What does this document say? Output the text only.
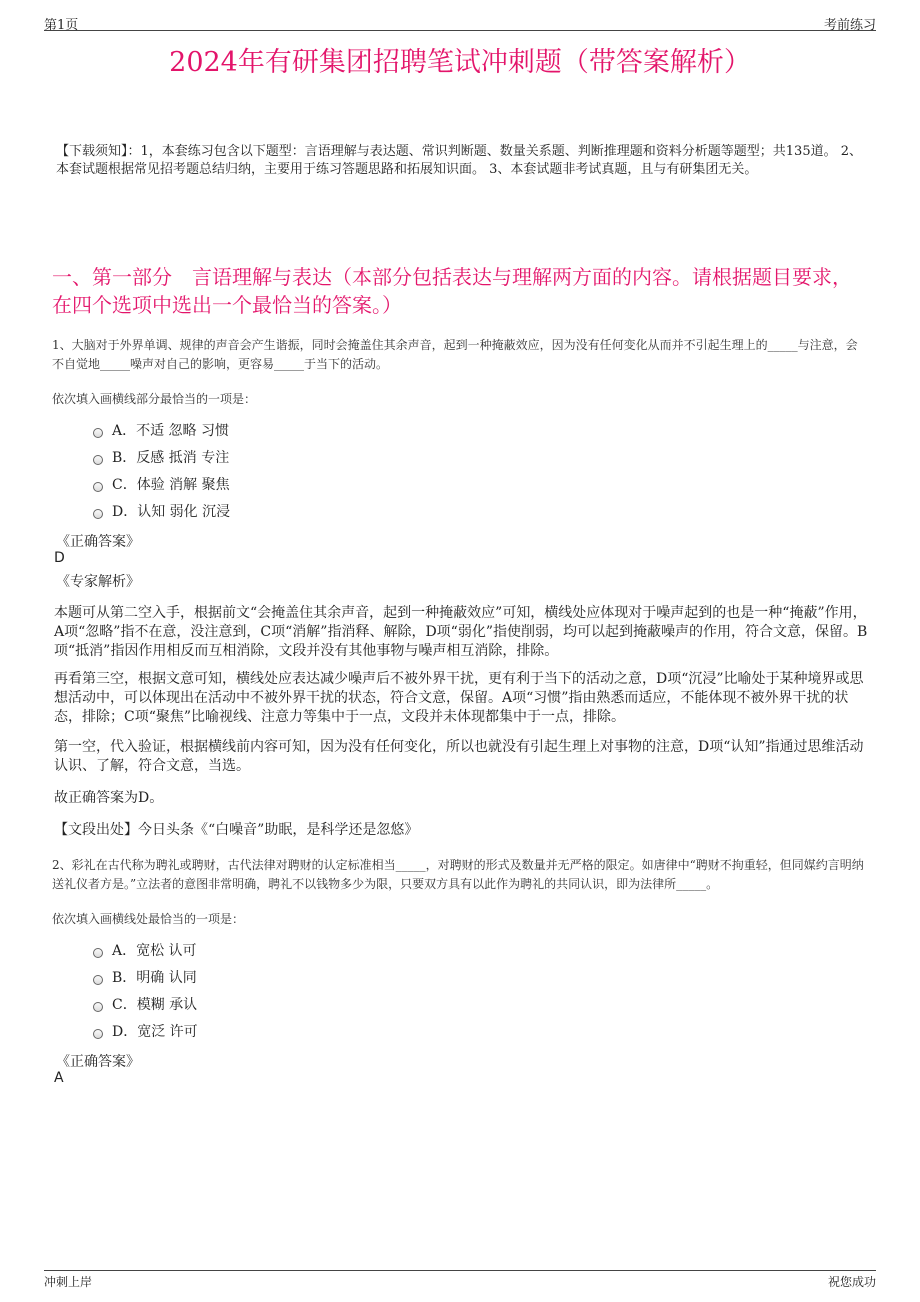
第1页	考前练习
2024年有研集团招聘笔试冲刺题（带答案解析）
【下载须知】：1，本套练习包含以下题型：言语理解与表达题、常识判断题、数量关系题、判断推理题和资料分析题等题型；共135道。 2、本套试题根据常见招考题总结归纳，主要用于练习答题思路和拓展知识面。 3、本套试题非考试真题，且与有研集团无关。
一、第一部分　言语理解与表达（本部分包括表达与理解两方面的内容。请根据题目要求，在四个选项中选出一个最恰当的答案。）
1、大脑对于外界单调、规律的声音会产生谐振，同时会掩盖住其余声音，起到一种掩蔽效应，因为没有任何变化从而并不引起生理上的_____与注意，会不自觉地_____噪声对自己的影响，更容易_____于当下的活动。
依次填入画横线部分最恰当的一项是：
A．不适 忽略 习惯
B．反感 抵消 专注
C．体验 消解 聚焦
D．认知 弱化 沉浸
《正确答案》
D
《专家解析》
本题可从第二空入手，根据前文“会掩盖住其余声音，起到一种掩蔽效应”可知，横线处应体现对于噪声起到的也是一种“掩蔽”作用，A项“忽略”指不在意，没注意到，C项“消解”指消释、解除，D项“弱化”指使削弱，均可以起到掩蔽噪声的作用，符合文意，保留。B项“抵消”指因作用相反而互相消除，文段并没有其他事物与噪声相互消除，排除。
再看第三空，根据文意可知，横线处应表达减少噪声后不被外界干扰，更有利于当下的活动之意，D项“沉浸”比喻处于某种境界或思想活动中，可以体现出在活动中不被外界干扰的状态，符合文意，保留。A项“习惯”指由熟悉而适应，不能体现不被外界干扰的状态，排除；C项“聚焦”比喻视线、注意力等集中于一点，文段并未体现都集中于一点，排除。
第一空，代入验证，根据横线前内容可知，因为没有任何变化，所以也就没有引起生理上对事物的注意，D项“认知”指通过思维活动认识、了解，符合文意，当选。
故正确答案为D。
【文段出处】今日头条《“白噪音”助眠，是科学还是忽悠》
2、彩礼在古代称为聘礼或聘财，古代法律对聘财的认定标准相当_____，对聘财的形式及数量并无严格的限定。如唐律中“聘财不拘重轻，但同媒约言明纳送礼仪者方是。”立法者的意图非常明确，聘礼不以钱物多少为限，只要双方具有以此作为聘礼的共同认识，即为法律所_____。
依次填入画横线处最恰当的一项是：
A．宽松 认可
B．明确 认同
C．模糊 承认
D．宽泛 许可
《正确答案》
A
冲刺上岸	祝您成功
